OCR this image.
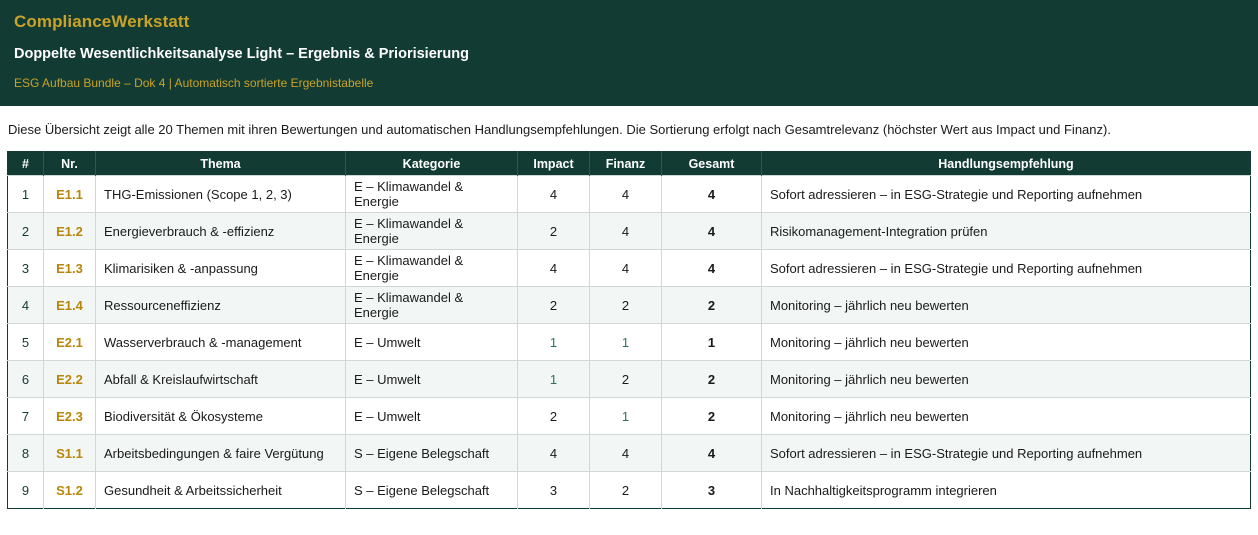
ComplianceWerkstatt
Doppelte Wesentlichkeitsanalyse Light – Ergebnis & Priorisierung
ESG Aufbau Bundle – Dok 4 | Automatisch sortierte Ergebnistabelle
Diese Übersicht zeigt alle 20 Themen mit ihren Bewertungen und automatischen Handlungsempfehlungen. Die Sortierung erfolgt nach Gesamtrelevanz (höchster Wert aus Impact und Finanz).
#	Nr.	Thema	Kategorie	Impact	Finanz	Gesamt	Handlungsempfehlung
1	E1.1	THG-Emissionen (Scope 1, 2, 3)	E – Klimawandel & Energie	4	4	4	Sofort adressieren – in ESG-Strategie und Reporting aufnehmen
2	E1.2	Energieverbrauch & -effizienz	E – Klimawandel & Energie	2	4	4	Risikomanagement-Integration prüfen
3	E1.3	Klimarisiken & -anpassung	E – Klimawandel & Energie	4	4	4	Sofort adressieren – in ESG-Strategie und Reporting aufnehmen
4	E1.4	Ressourceneffizienz	E – Klimawandel & Energie	2	2	2	Monitoring – jährlich neu bewerten
5	E2.1	Wasserverbrauch & -management	E – Umwelt	1	1	1	Monitoring – jährlich neu bewerten
6	E2.2	Abfall & Kreislaufwirtschaft	E – Umwelt	1	2	2	Monitoring – jährlich neu bewerten
7	E2.3	Biodiversität & Ökosysteme	E – Umwelt	2	1	2	Monitoring – jährlich neu bewerten
8	S1.1	Arbeitsbedingungen & faire Vergütung	S – Eigene Belegschaft	4	4	4	Sofort adressieren – in ESG-Strategie und Reporting aufnehmen
9	S1.2	Gesundheit & Arbeitssicherheit	S – Eigene Belegschaft	3	2	3	In Nachhaltigkeitsprogramm integrieren
